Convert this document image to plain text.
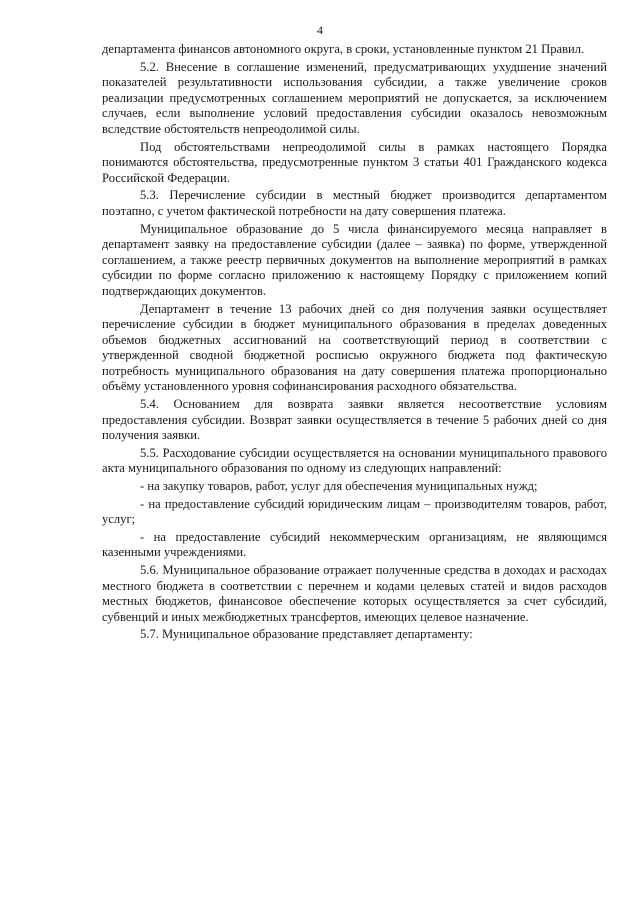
4

департамента финансов автономного округа, в сроки, установленные пунктом 21 Правил.

5.2. Внесение в соглашение изменений, предусматривающих ухудшение значений показателей результативности использования субсидии, а также увеличение сроков реализации предусмотренных соглашением мероприятий не допускается, за исключением случаев, если выполнение условий предоставления субсидии оказалось невозможным вследствие обстоятельств непреодолимой силы.

Под обстоятельствами непреодолимой силы в рамках настоящего Порядка понимаются обстоятельства, предусмотренные пунктом 3 статьи 401 Гражданского кодекса Российской Федерации.

5.3. Перечисление субсидии в местный бюджет производится департаментом поэтапно, с учетом фактической потребности на дату совершения платежа.

Муниципальное образование до 5 числа финансируемого месяца направляет в департамент заявку на предоставление субсидии (далее – заявка) по форме, утвержденной соглашением, а также реестр первичных документов на выполнение мероприятий в рамках субсидии по форме согласно приложению к настоящему Порядку с приложением копий подтверждающих документов.

Департамент в течение 13 рабочих дней со дня получения заявки осуществляет перечисление субсидии в бюджет муниципального образования в пределах доведенных объемов бюджетных ассигнований на соответствующий период в соответствии с утвержденной сводной бюджетной росписью окружного бюджета под фактическую потребность муниципального образования на дату совершения платежа пропорционально объёму установленного уровня софинансирования расходного обязательства.

5.4. Основанием для возврата заявки является несоответствие условиям предоставления субсидии. Возврат заявки осуществляется в течение 5 рабочих дней со дня получения заявки.

5.5. Расходование субсидии осуществляется на основании муниципального правового акта муниципального образования по одному из следующих направлений:

- на закупку товаров, работ, услуг для обеспечения муниципальных нужд;

- на предоставление субсидий юридическим лицам – производителям товаров, работ, услуг;

- на предоставление субсидий некоммерческим организациям, не являющимся казенными учреждениями.

5.6. Муниципальное образование отражает полученные средства в доходах и расходах местного бюджета в соответствии с перечнем и кодами целевых статей и видов расходов местных бюджетов, финансовое обеспечение которых осуществляется за счет субсидий, субвенций и иных межбюджетных трансфертов, имеющих целевое назначение.

5.7. Муниципальное образование представляет департаменту:
